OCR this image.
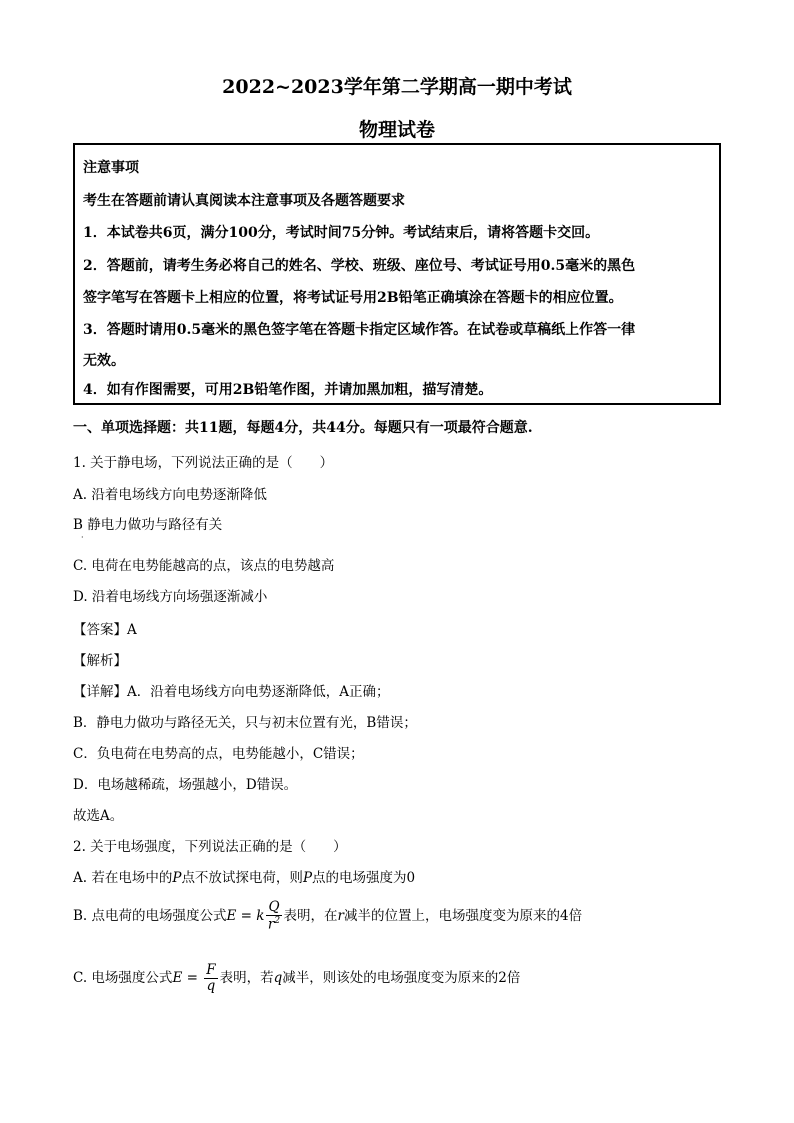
2022~2023学年第二学期高一期中考试
物理试卷
注意事项
考生在答题前请认真阅读本注意事项及各题答题要求
1．本试卷共6页，满分100分，考试时间75分钟。考试结束后，请将答题卡交回。
2．答题前，请考生务必将自己的姓名、学校、班级、座位号、考试证号用0.5毫米的黑色
签字笔写在答题卡上相应的位置，将考试证号用2B铅笔正确填涂在答题卡的相应位置。
3．答题时请用0.5毫米的黑色签字笔在答题卡指定区域作答。在试卷或草稿纸上作答一律
无效。
4．如有作图需要，可用2B铅笔作图，并请加黑加粗，描写清楚。
一、单项选择题：共11题，每题4分，共44分。每题只有一项最符合题意.
1. 关于静电场，下列说法正确的是（　　）
A. 沿着电场线方向电势逐渐降低
B 静电力做功与路径有关
·
C. 电荷在电势能越高的点，该点的电势越高
D. 沿着电场线方向场强逐渐减小
【答案】A
【解析】
【详解】A．沿着电场线方向电势逐渐降低，A正确；
B．静电力做功与路径无关，只与初末位置有光，B错误；
C．负电荷在电势高的点，电势能越小，C错误；
D．电场越稀疏，场强越小，D错误。
故选A。
2. 关于电场强度，下列说法正确的是（　　）
A. 若在电场中的P点不放试探电荷，则P点的电场强度为0
B. 点电荷的电场强度公式E = k $\frac{Q}{r^2}$ 表明，在r减半的位置上，电场强度变为原来的4倍
C. 电场强度公式$E = \frac{F}{q}$ 表明，若q减半，则该处的电场强度变为原来的2倍
